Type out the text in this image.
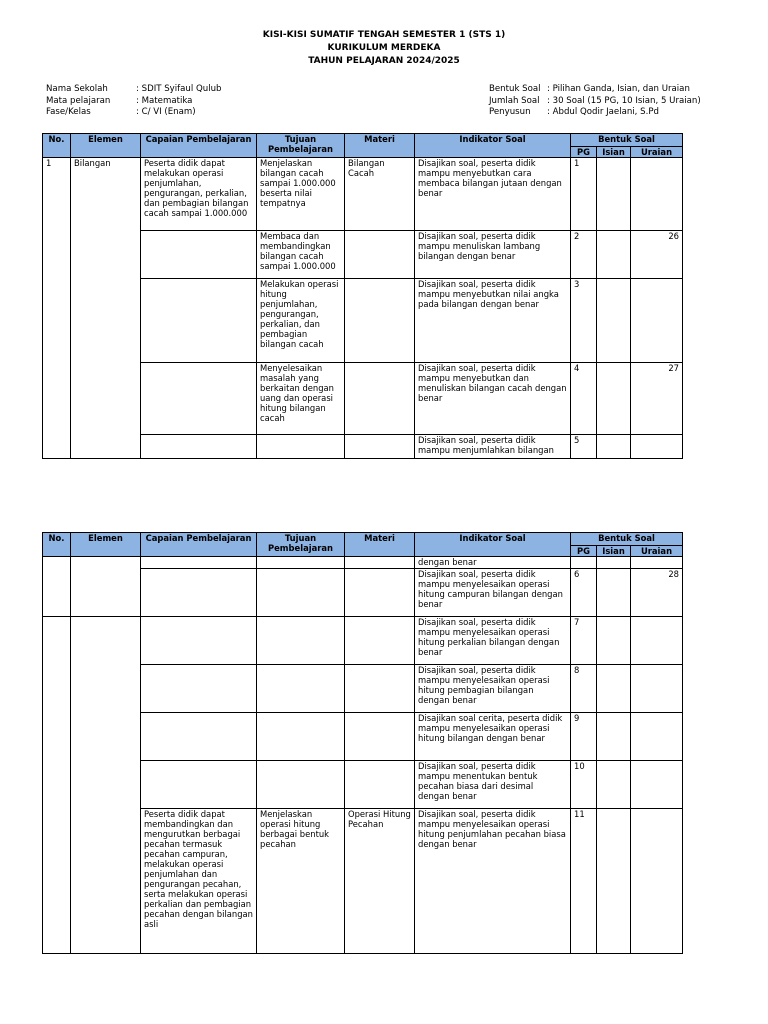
KISI-KISI SUMATIF TENGAH SEMESTER 1 (STS 1)
KURIKULUM MERDEKA
TAHUN PELAJARAN 2024/2025
Nama Sekolah	: SDIT Syifaul Qulub
Mata pelajaran	: Matematika
Fase/Kelas	: C/ VI (Enam)
Bentuk Soal : Pilihan Ganda, Isian, dan Uraian
Jumlah Soal : 30 Soal (15 PG, 10 Isian, 5 Uraian)
Penyusun : Abdul Qodir Jaelani, S.Pd
No.	Elemen	Capaian Pembelajaran	Tujuan Pembelajaran	Materi	Indikator Soal	Bentuk Soal		
						PG	Isian	Uraian
1	Bilangan	Peserta didik dapat melakukan operasi penjumlahan, pengurangan, perkalian, dan pembagian bilangan cacah sampai 1.000.000	Menjelaskan bilangan cacah sampai 1.000.000 beserta nilai tempatnya	Bilangan Cacah	Disajikan soal, peserta didik mampu menyebutkan cara membaca bilangan jutaan dengan benar	1		
			Membaca dan membandingkan bilangan cacah sampai 1.000.000		Disajikan soal, peserta didik mampu menuliskan lambang bilangan dengan benar	2		26
			Melakukan operasi hitung penjumlahan, pengurangan, perkalian, dan pembagian bilangan cacah		Disajikan soal, peserta didik mampu menyebutkan nilai angka pada bilangan dengan benar	3		
			Menyelesaikan masalah yang berkaitan dengan uang dan operasi hitung bilangan cacah		Disajikan soal, peserta didik mampu menyebutkan dan menuliskan bilangan cacah dengan benar	4		27
					Disajikan soal, peserta didik mampu menjumlahkan bilangan	5		
No.	Elemen	Capaian Pembelajaran	Tujuan Pembelajaran	Materi	Indikator Soal	Bentuk Soal		
						PG	Isian	Uraian
					dengan benar			
					Disajikan soal, peserta didik mampu menyelesaikan operasi hitung campuran bilangan dengan benar	6		28
					Disajikan soal, peserta didik mampu menyelesaikan operasi hitung perkalian bilangan dengan benar	7		
					Disajikan soal, peserta didik mampu menyelesaikan operasi hitung pembagian bilangan dengan benar	8		
					Disajikan soal cerita, peserta didik mampu menyelesaikan operasi hitung bilangan dengan benar	9		
					Disajikan soal, peserta didik mampu menentukan bentuk pecahan biasa dari desimal dengan benar	10		
		Peserta didik dapat membandingkan dan mengurutkan berbagai pecahan termasuk pecahan campuran, melakukan operasi penjumlahan dan pengurangan pecahan, serta melakukan operasi perkalian dan pembagian pecahan dengan bilangan asli	Menjelaskan operasi hitung berbagai bentuk pecahan	Operasi Hitung Pecahan	Disajikan soal, peserta didik mampu menyelesaikan operasi hitung penjumlahan pecahan biasa dengan benar	11		
